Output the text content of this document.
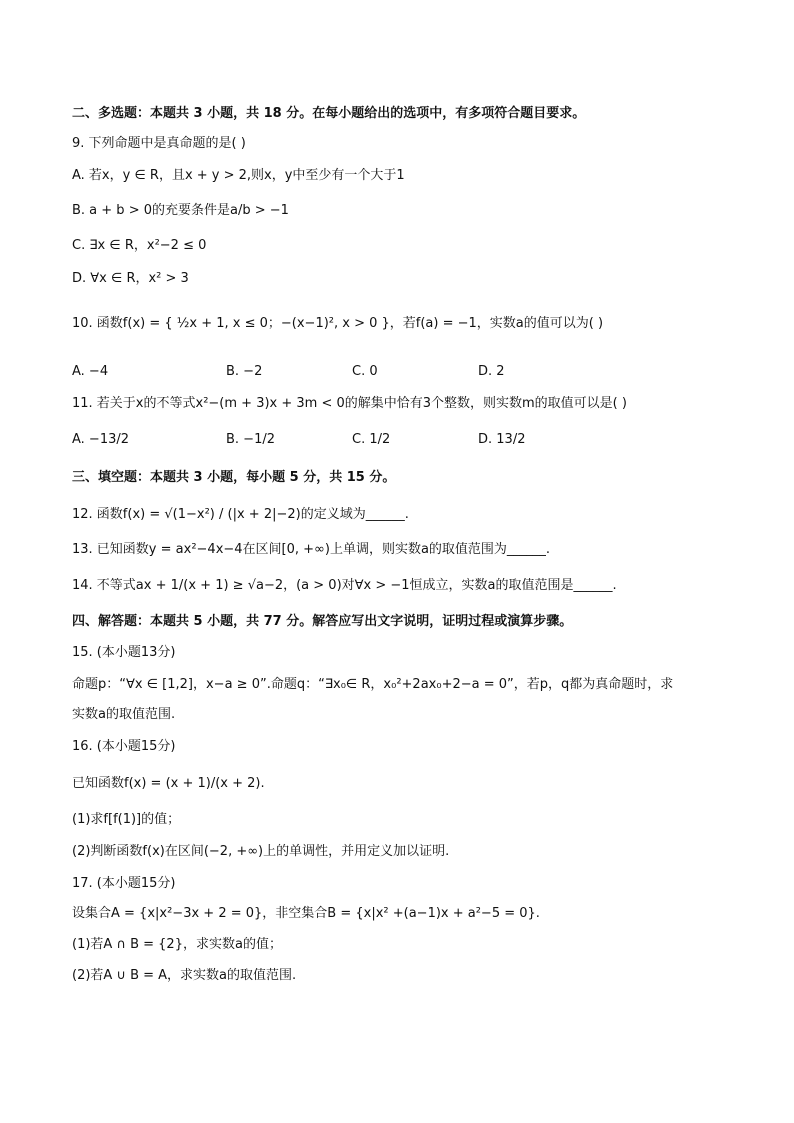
二、多选题：本题共 3 小题，共 18 分。在每小题给出的选项中，有多项符合题目要求。
9. 下列命题中是真命题的是( )
A. 若x，y ∈ R，且x + y > 2,则x，y中至少有一个大于1
B. a + b > 0的充要条件是a/b > −1
C. ∃x ∈ R，x²−2 ≤ 0
D. ∀x ∈ R，x² > 3
10. 函数f(x) = { ½x + 1, x ≤ 0；−(x−1)², x > 0 }，若f(a) = −1，实数a的值可以为( )
A. −4	B. −2	C. 0	D. 2
11. 若关于x的不等式x²−(m + 3)x + 3m < 0的解集中恰有3个整数，则实数m的取值可以是( )
A. −13/2	B. −1/2	C. 1/2	D. 13/2
三、填空题：本题共 3 小题，每小题 5 分，共 15 分。
12. 函数f(x) = √(1−x²) / (|x + 2|−2)的定义域为______.
13. 已知函数y = ax²−4x−4在区间[0, +∞)上单调，则实数a的取值范围为______.
14. 不等式ax + 1/(x + 1) ≥ √a−2，(a > 0)对∀x > −1恒成立，实数a的取值范围是______.
四、解答题：本题共 5 小题，共 77 分。解答应写出文字说明，证明过程或演算步骤。
15. (本小题13分)
命题p：“∀x ∈ [1,2]，x−a ≥ 0”.命题q：“∃x₀∈ R，x₀²+2ax₀+2−a = 0”，若p，q都为真命题时，求
实数a的取值范围.
16. (本小题15分)
已知函数f(x) = (x + 1)/(x + 2).
(1)求f[f(1)]的值；
(2)判断函数f(x)在区间(−2, +∞)上的单调性，并用定义加以证明.
17. (本小题15分)
设集合A = {x|x²−3x + 2 = 0}，非空集合B = {x|x² +(a−1)x + a²−5 = 0}.
(1)若A ∩ B = {2}，求实数a的值；
(2)若A ∪ B = A，求实数a的取值范围.
